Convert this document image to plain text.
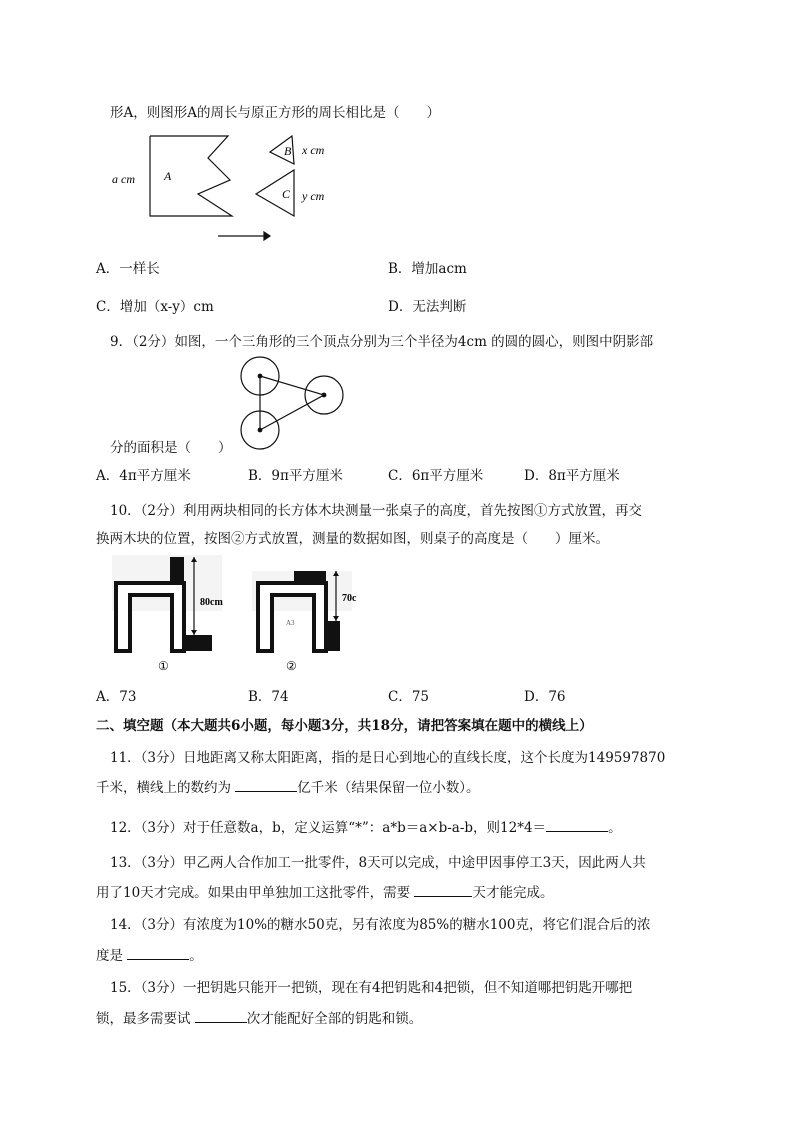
形A，则图形A的周长与原正方形的周长相比是（　　）
a cm A
B
C
x cm
y cm
A．一样长	B．增加acm
C．增加（x-y）cm	D．无法判断
9．（2分）如图，一个三角形的三个顶点分别为三个半径为4cm 的圆的圆心，则图中阴影部
分的面积是（　　）
A．4π平方厘米	B．9π平方厘米	C．6π平方厘米	D．8π平方厘米
10．（2分）利用两块相同的长方体木块测量一张桌子的高度，首先按图①方式放置，再交
换两木块的位置，按图②方式放置，测量的数据如图，则桌子的高度是（　　）厘米。
80cm
①
70c
A3
②
A．73	B．74	C．75	D．76
二、填空题（本大题共6小题，每小题3分，共18分，请把答案填在题中的横线上）
11．（3分）日地距离又称太阳距离，指的是日心到地心的直线长度，这个长度为149597870
千米，横线上的数约为	亿千米（结果保留一位小数）。
12．（3分）对于任意数a，b，定义运算“*”：a*b＝a×b-a-b，则12*4＝	。
13．（3分）甲乙两人合作加工一批零件，8天可以完成，中途甲因事停工3天，因此两人共
用了10天才完成。如果由甲单独加工这批零件，需要	天才能完成。
14．（3分）有浓度为10%的糖水50克，另有浓度为85%的糖水100克，将它们混合后的浓
度是	。
15．（3分）一把钥匙只能开一把锁，现在有4把钥匙和4把锁，但不知道哪把钥匙开哪把
锁，最多需要试	次才能配好全部的钥匙和锁。
